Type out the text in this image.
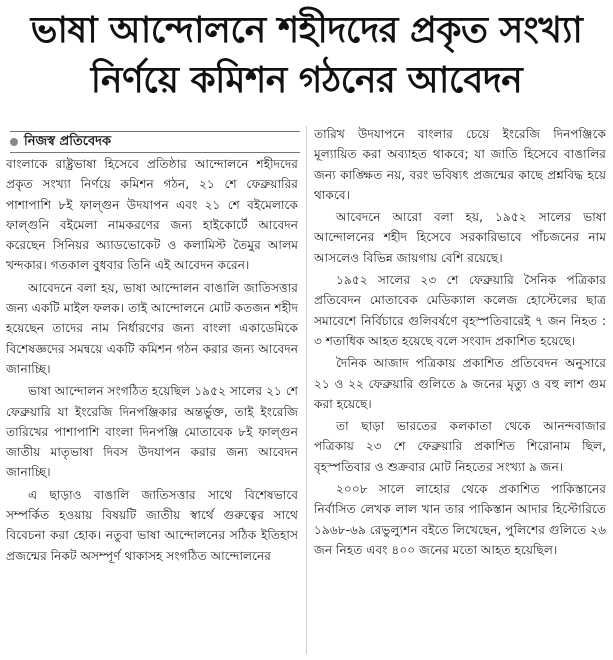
ভাষা আন্দোলনে শহীদদের প্রকৃত সংখ্যা
নির্ণয়ে কমিশন গঠনের আবেদন
নিজস্ব প্রতিবেদক

বাংলাকে রাষ্ট্রভাষা হিসেবে প্রতিষ্ঠার আন্দোলনে শহীদদের প্রকৃত সংখ্যা নির্ণয়ে কমিশন গঠন, ২১ শে ফেব্রুয়ারির পাশাপাশি ৮ই ফাল্গুন উদযাপন এবং ২১ শে বইমেলাকে ফাল্গুনি বইমেলা নামকরণের জন্য হাইকোর্টে আবেদন করেছেন সিনিয়র অ্যাডভোকেট ও কলামিস্ট তৈমুর আলম খন্দকার। গতকাল বুধবার তিনি এই আবেদন করেন।

আবেদনে বলা হয়, ভাষা আন্দোলন বাঙালি জাতিসত্তার জন্য একটি মাইল ফলক। তাই আন্দোলনে মোট কতজন শহীদ হয়েছেন তাদের নাম নির্ধারণের জন্য বাংলা একাডেমিকে বিশেষজ্ঞদের সমন্বয়ে একটি কমিশন গঠন করার জন্য আবেদন জানাচ্ছি।

ভাষা আন্দোলন সংগঠিত হয়েছিল ১৯৫২ সালের ২১ শে ফেব্রুয়ারি যা ইংরেজি দিনপঞ্জিকার অন্তর্ভুক্ত, তাই ইংরেজি তারিখের পাশাপাশি বাংলা দিনপঞ্জি মোতাবেক ৮ই ফাল্গুন জাতীয় মাতৃভাষা দিবস উদযাপন করার জন্য আবেদন জানাচ্ছি।

এ ছাড়াও বাঙালি জাতিসত্তার সাথে বিশেষভাবে সম্পর্কিত হওয়ায় বিষয়টি জাতীয় স্বার্থে গুরুত্বের সাথে বিবেচনা করা হোক। নতুবা ভাষা আন্দোলনের সঠিক ইতিহাস প্রজন্মের নিকট অসম্পূর্ণ থাকাসহ সংগঠিত আন্দোলনের

তারিখ উদযাপনে বাংলার চেয়ে ইংরেজি দিনপঞ্জিকে মূল্যায়িত করা অব্যাহত থাকবে; যা জাতি হিসেবে বাঙালির জন্য কাঙ্ক্ষিত নয়, বরং ভবিষ্যৎ প্রজন্মের কাছে প্রশ্নবিদ্ধ হয়ে থাকবে।

আবেদনে আরো বলা হয়, ১৯৫২ সালের ভাষা আন্দোলনের শহীদ হিসেবে সরকারিভাবে পাঁচজনের নাম আসলেও বিভিন্ন জায়গায় বেশি রয়েছে।

১৯৫২ সালের ২৩ শে ফেব্রুয়ারি সৈনিক পত্রিকার প্রতিবেদন মোতাবেক মেডিক্যাল কলেজ হোস্টেলের ছাত্র সমাবেশে নির্বিচারে গুলিবর্ষণে বৃহস্পতিবারেই ৭ জন নিহত : ৩ শতাধিক আহত হয়েছে বলে সংবাদ প্রকাশিত হয়েছে।

দৈনিক আজাদ পত্রিকায় প্রকাশিত প্রতিবেদন অনুসারে ২১ ও ২২ ফেব্রুয়ারি গুলিতে ৯ জনের মৃত্যু ও বহু লাশ গুম করা হয়েছে।

তা ছাড়া ভারতের কলকাতা থেকে আনন্দবাজার পত্রিকায় ২৩ শে ফেব্রুয়ারি প্রকাশিত শিরোনাম ছিল, বৃহস্পতিবার ও শুক্রবার মোট নিহতের সংখ্যা ৯ জন।

২০০৮ সালে লাহোর থেকে প্রকাশিত পাকিস্তানের নির্বাসিত লেখক লাল খান তার পাকিস্তান আদার হিস্টোরিতে ১৯৬৮-৬৯ রেভুল্যুশন বইতে লিখেছেন, পুলিশের গুলিতে ২৬ জন নিহত এবং ৪০০ জনের মতো আহত হয়েছিল।
